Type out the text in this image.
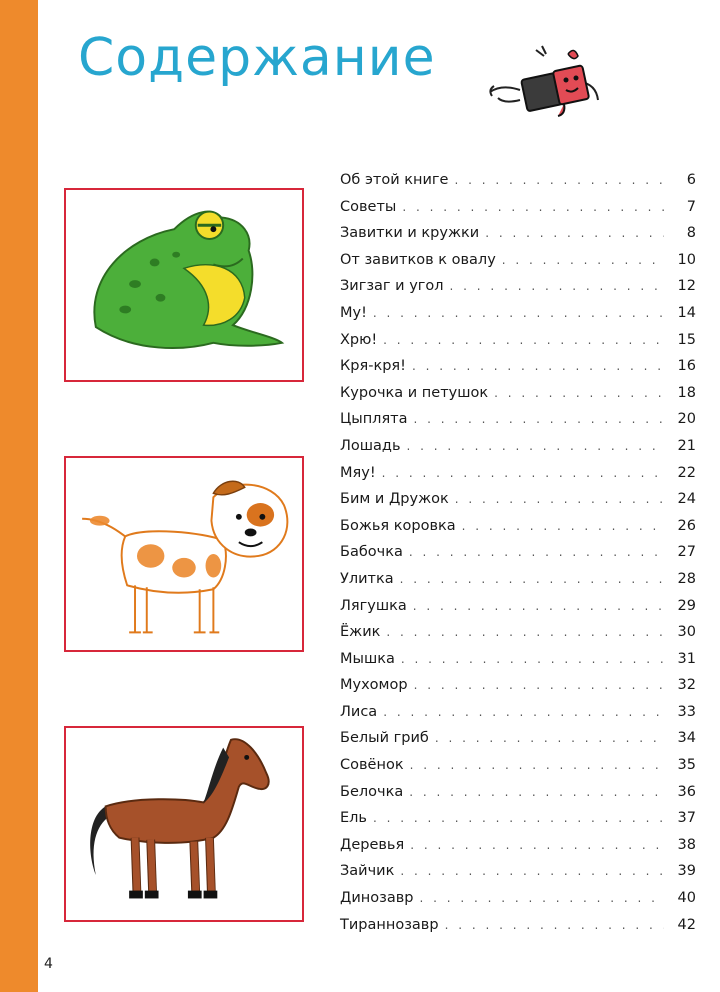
Содержание
Об этой книге . . .	6
Советы . . .	7
Завитки и кружки . . .	8
От завитков к овалу . . .	10
Зигзаг и угол . . .	12
Му! . . .	14
Хрю! . . .	15
Кря-кря! . . .	16
Курочка и петушок . . .	18
Цыплята . . .	20
Лошадь . . .	21
Мяу! . . .	22
Бим и Дружок . . .	24
Божья коровка . . .	26
Бабочка . . .	27
Улитка . . .	28
Лягушка . . .	29
Ёжик . . .	30
Мышка . . .	31
Мухомор . . .	32
Лиса . . .	33
Белый гриб . . .	34
Совёнок . . .	35
Белочка . . .	36
Ель . . .	37
Деревья . . .	38
Зайчик . . .	39
Динозавр . . .	40
Тираннозавр . . .	42
4
